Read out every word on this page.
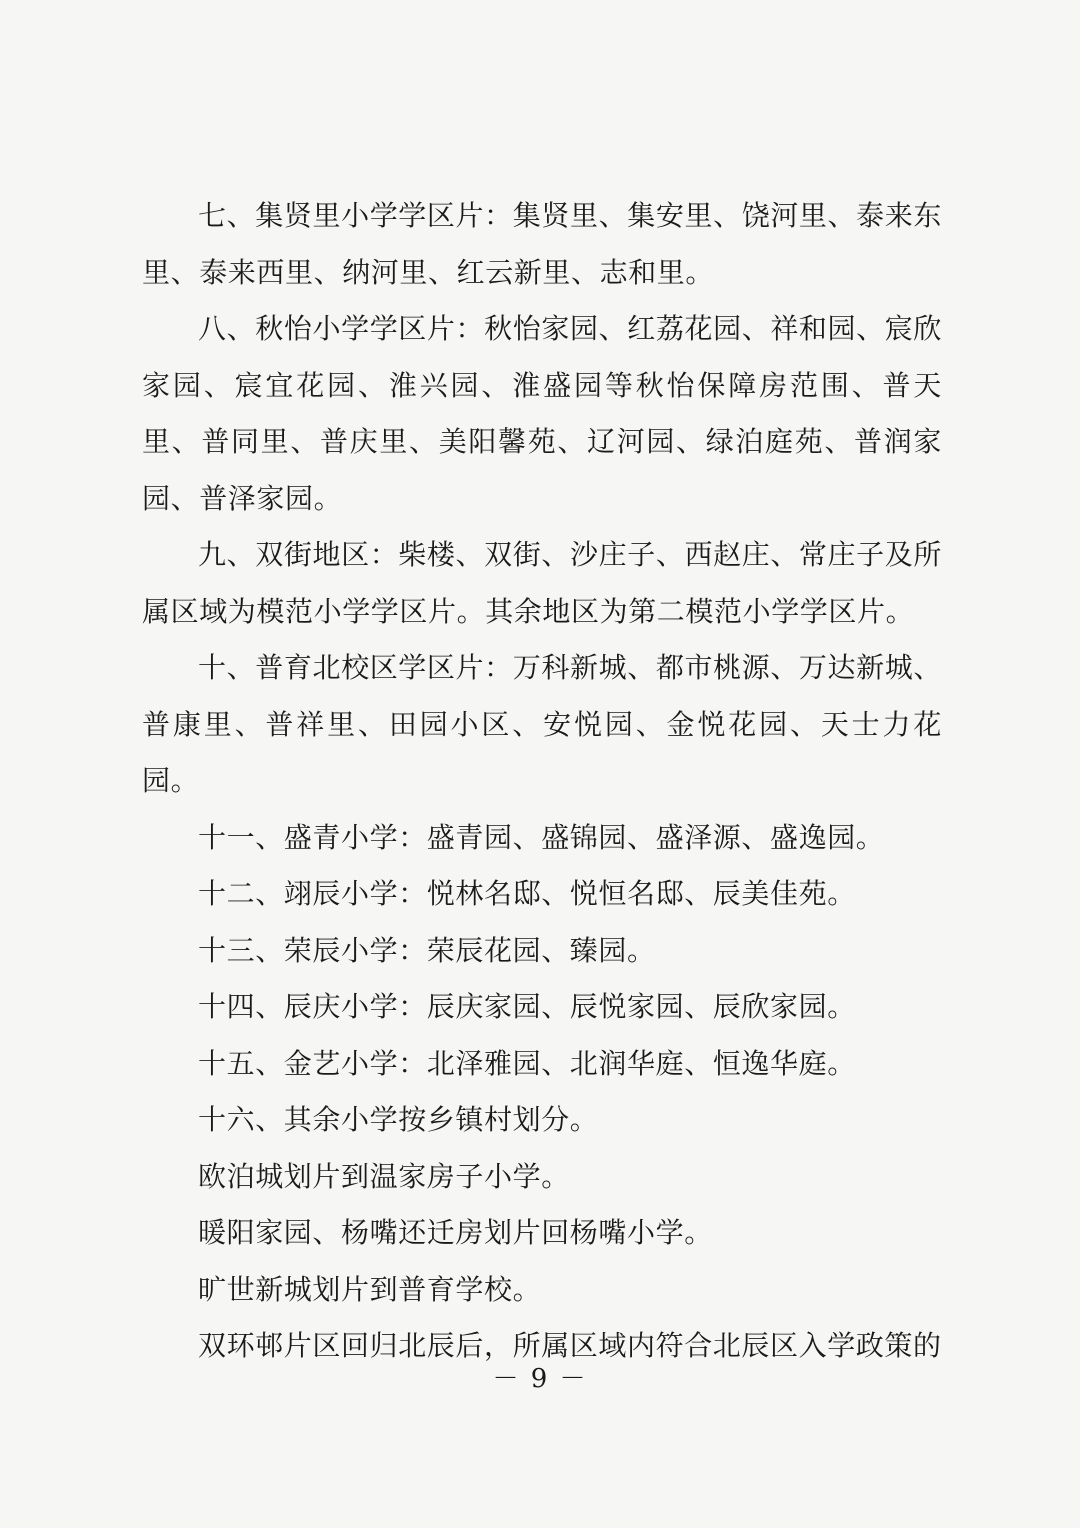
七、集贤里小学学区片：集贤里、集安里、饶河里、泰来东里、泰来西里、纳河里、红云新里、志和里。

八、秋怡小学学区片：秋怡家园、红荔花园、祥和园、宸欣家园、宸宜花园、淮兴园、淮盛园等秋怡保障房范围、普天里、普同里、普庆里、美阳馨苑、辽河园、绿泊庭苑、普润家园、普泽家园。

九、双街地区：柴楼、双街、沙庄子、西赵庄、常庄子及所属区域为模范小学学区片。其余地区为第二模范小学学区片。

十、普育北校区学区片：万科新城、都市桃源、万达新城、普康里、普祥里、田园小区、安悦园、金悦花园、天士力花园。

十一、盛青小学：盛青园、盛锦园、盛泽源、盛逸园。

十二、翊辰小学：悦林名邸、悦恒名邸、辰美佳苑。

十三、荣辰小学：荣辰花园、臻园。

十四、辰庆小学：辰庆家园、辰悦家园、辰欣家园。

十五、金艺小学：北泽雅园、北润华庭、恒逸华庭。

十六、其余小学按乡镇村划分。

欧泊城划片到温家房子小学。

暖阳家园、杨嘴还迁房划片回杨嘴小学。

旷世新城划片到普育学校。

双环邨片区回归北辰后，所属区域内符合北辰区入学政策的

－ 9 －
